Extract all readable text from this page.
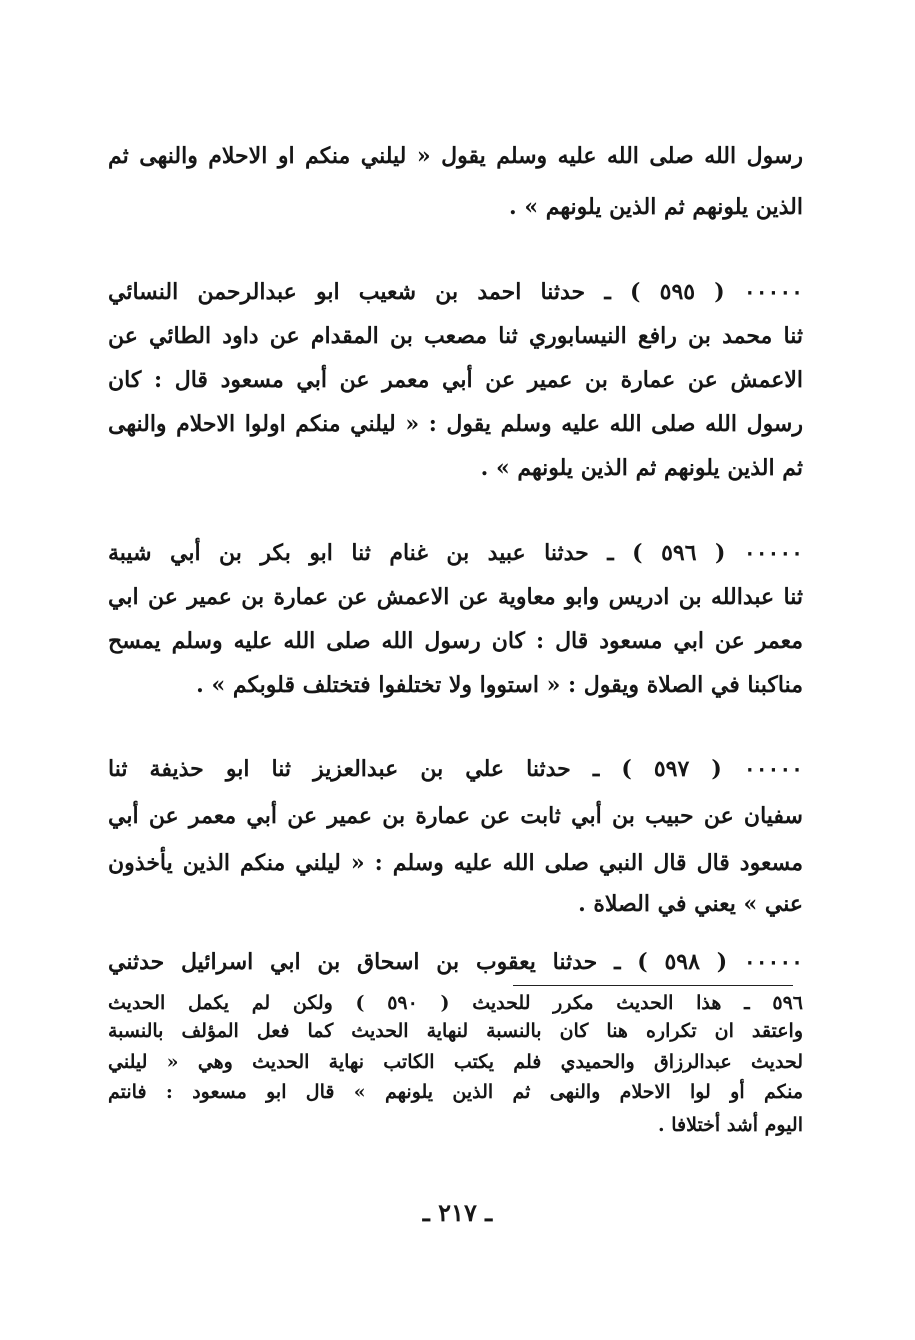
رسول الله صلى الله عليه وسلم يقول « ليلني منكم او الاحلام والنهى ثم
الذين يلونهم ثم الذين يلونهم » .
٠٠٠٠٠ ( ٥٩٥ ) ـ حدثنا احمد بن شعيب ابو عبدالرحمن النسائي
ثنا محمد بن رافع النيسابوري ثنا مصعب بن المقدام عن داود الطائي عن
الاعمش عن عمارة بن عمير عن أبي معمر عن أبي مسعود قال : كان
رسول الله صلى الله عليه وسلم يقول : « ليلني منكم اولوا الاحلام والنهى
ثم الذين يلونهم ثم الذين يلونهم » .
٠٠٠٠٠ ( ٥٩٦ ) ـ حدثنا عبيد بن غنام ثنا ابو بكر بن أبي شيبة
ثنا عبدالله بن ادريس وابو معاوية عن الاعمش عن عمارة بن عمير عن ابي
معمر عن ابي مسعود قال : كان رسول الله صلى الله عليه وسلم يمسح
مناكبنا في الصلاة ويقول : « استووا ولا تختلفوا فتختلف قلوبكم » .
٠٠٠٠٠ ( ٥٩٧ ) ـ حدثنا علي بن عبدالعزيز ثنا ابو حذيفة ثنا
سفيان عن حبيب بن أبي ثابت عن عمارة بن عمير عن أبي معمر عن أبي
مسعود قال قال النبي صلى الله عليه وسلم : « ليلني منكم الذين يأخذون
عني » يعني في الصلاة .
٠٠٠٠٠ ( ٥٩٨ ) ـ حدثنا يعقوب بن اسحاق بن ابي اسرائيل حدثني
٥٩٦ ـ هذا الحديث مكرر للحديث ( ٥٩٠ ) ولكن لم يكمل الحديث
واعتقد ان تكراره هنا كان بالنسبة لنهاية الحديث كما فعل المؤلف بالنسبة
لحديث عبدالرزاق والحميدي فلم يكتب الكاتب نهاية الحديث وهي « ليلني
منكم أو لوا الاحلام والنهى ثم الذين يلونهم » قال ابو مسعود : فانتم
اليوم أشد أختلافا .
ـ ٢١٧ ـ
